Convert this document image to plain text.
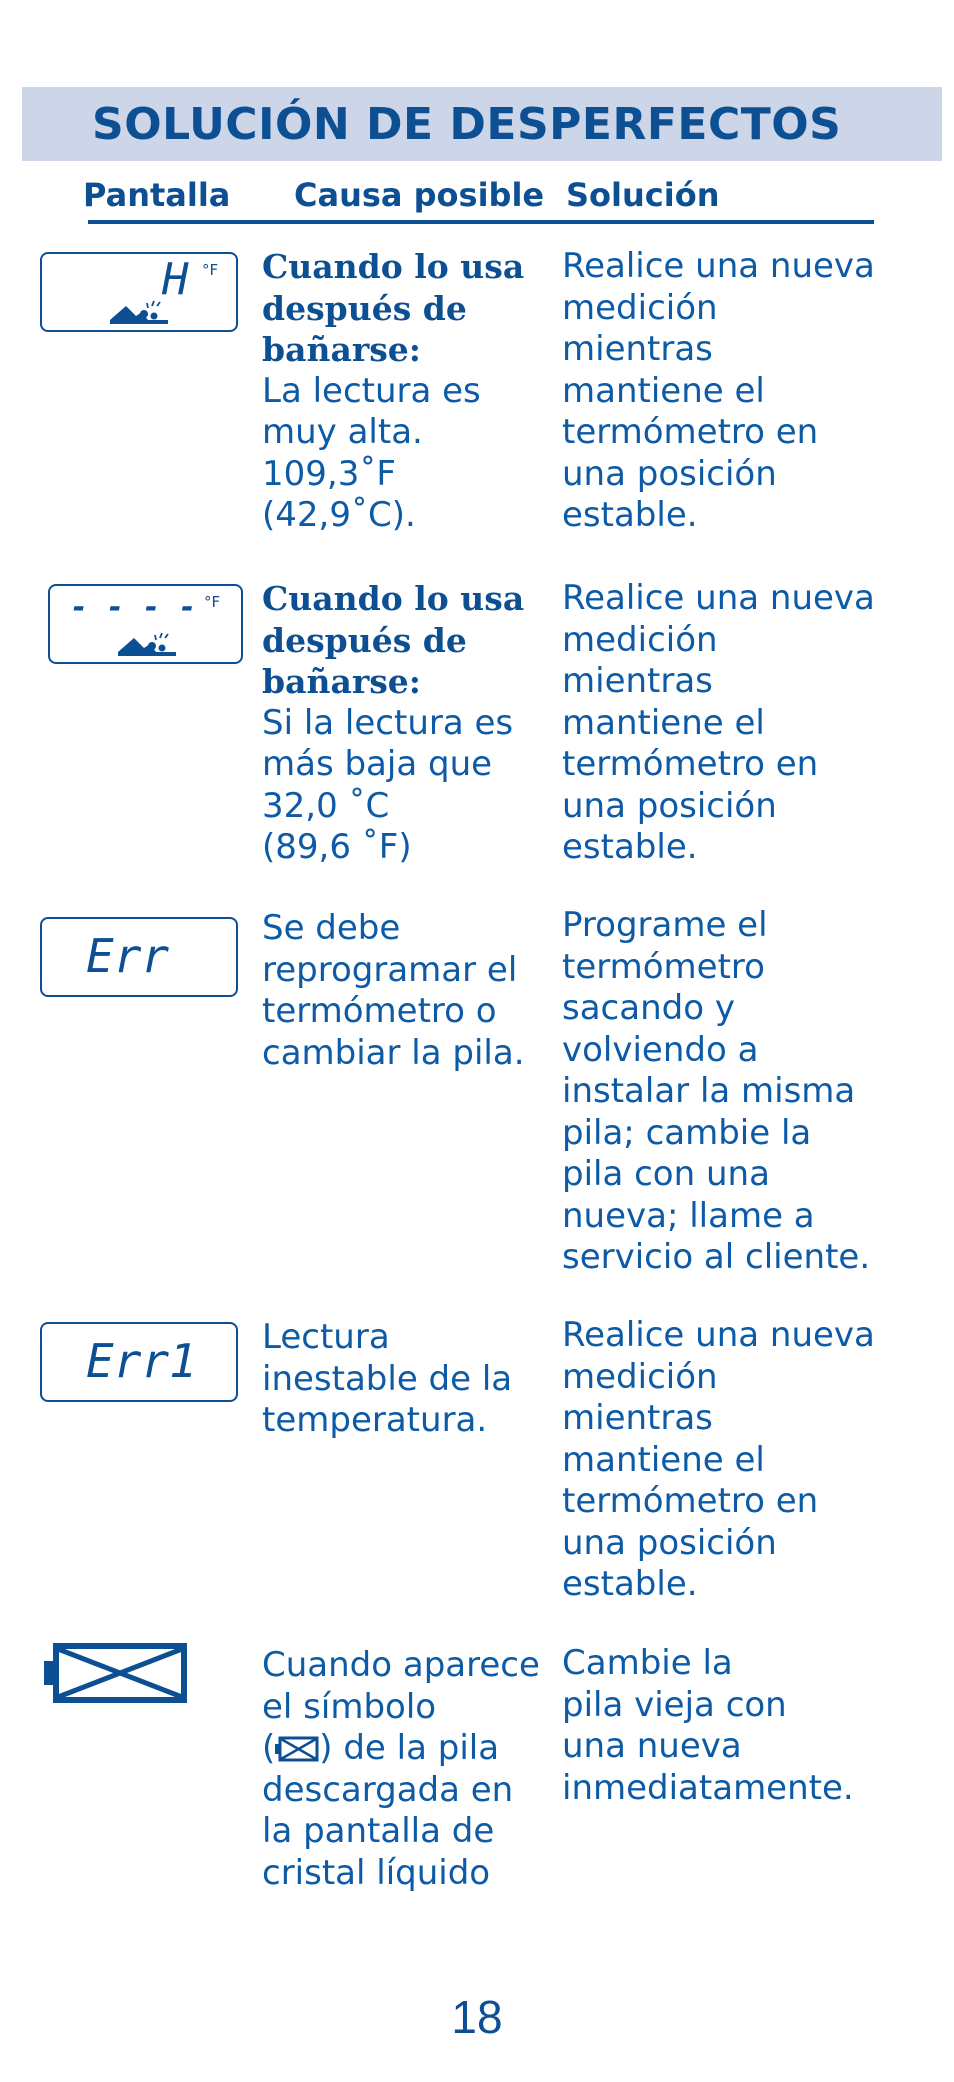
SOLUCIÓN DE DESPERFECTOS
Pantalla Causa posible Solución
H °F Cuando lo usa
después de
bañarse:
La lectura es
muy alta.
109,3˚F
(42,9˚C).
Realice una nueva
medición
mientras
mantiene el
termómetro en
una posición
estable.
- - - - °F Cuando lo usa
después de
bañarse:
Si la lectura es
más baja que
32,0 ˚C
(89,6 ˚F)
Realice una nueva
medición
mientras
mantiene el
termómetro en
una posición
estable.
Err
Se debe
reprogramar el
termómetro o
cambiar la pila.
Programe el
termómetro
sacando y
volviendo a
instalar la misma
pila; cambie la
pila con una
nueva; llame a
servicio al cliente.
Err1 Lectura
inestable de la
temperatura.
Realice una nueva
medición
mientras
mantiene el
termómetro en
una posición
estable.
Cuando aparece
el símbolo
( ) de la pila
descargada en
la pantalla de
cristal líquido
Cambie la
pila vieja con
una nueva
inmediatamente.
18
